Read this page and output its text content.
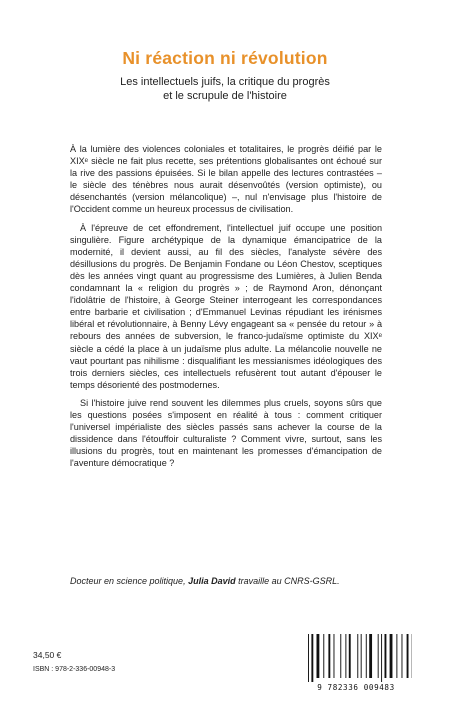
Ni réaction ni révolution
Les intellectuels juifs, la critique du progrès
et le scrupule de l'histoire

À la lumière des violences coloniales et totalitaires, le progrès déifié par le XIXᵉ siècle ne fait plus recette, ses prétentions globalisantes ont échoué sur la rive des passions épuisées. Si le bilan appelle des lectures contrastées – le siècle des ténèbres nous aurait désenvoûtés (version optimiste), ou désenchantés (version mélancolique) –, nul n'envisage plus l'histoire de l'Occident comme un heureux processus de civilisation.

À l'épreuve de cet effondrement, l'intellectuel juif occupe une position singulière. Figure archétypique de la dynamique émancipatrice de la modernité, il devient aussi, au fil des siècles, l'analyste sévère des désillusions du progrès. De Benjamin Fondane ou Léon Chestov, sceptiques dès les années vingt quant au progressisme des Lumières, à Julien Benda condamnant la « religion du progrès » ; de Raymond Aron, dénonçant l'idolâtrie de l'histoire, à George Steiner interrogeant les correspondances entre barbarie et civilisation ; d'Emmanuel Levinas répudiant les irénismes libéral et révolutionnaire, à Benny Lévy engageant sa « pensée du retour » à rebours des années de subversion, le franco-judaïsme optimiste du XIXᵉ siècle a cédé la place à un judaïsme plus adulte. La mélancolie nouvelle ne vaut pourtant pas nihilisme : disqualifiant les messianismes idéologiques des trois derniers siècles, ces intellectuels refusèrent tout autant d'épouser le temps désorienté des postmodernes.

Si l'histoire juive rend souvent les dilemmes plus cruels, soyons sûrs que les questions posées s'imposent en réalité à tous : comment critiquer l'universel impérialiste des siècles passés sans achever la course de la dissidence dans l'étouffoir culturaliste ? Comment vivre, surtout, sans les illusions du progrès, tout en maintenant les promesses d'émancipation de l'aventure démocratique ?

Docteur en science politique, Julia David travaille au CNRS-GSRL.
34,50 €
ISBN : 978-2-336-00948-3
9 782336 009483
